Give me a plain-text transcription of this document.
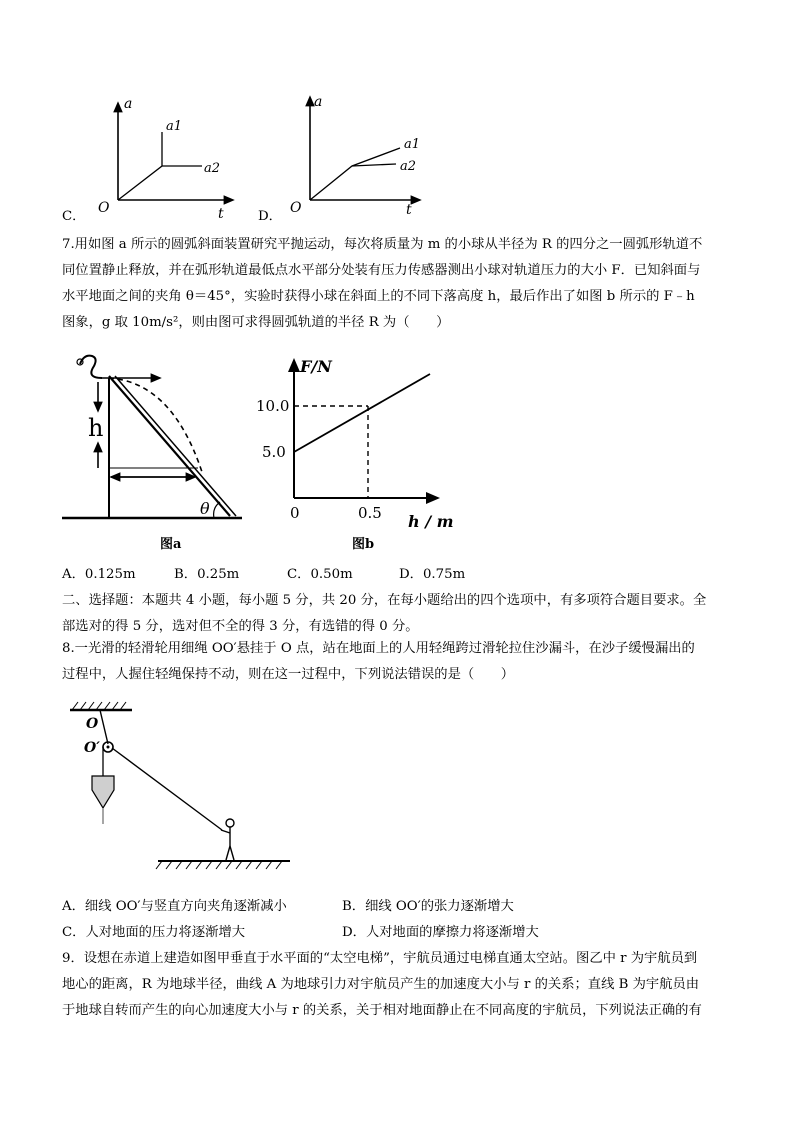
C．
a
t
O
a1
a2
D．
a
t
O
a1
a2
7.用如图 a 所示的圆弧斜面装置研究平抛运动，每次将质量为 m 的小球从半径为 R 的四分之一圆弧形轨道不
同位置静止释放，并在弧形轨道最低点水平部分处装有压力传感器测出小球对轨道压力的大小 F．已知斜面与
水平地面之间的夹角 θ＝45°，实验时获得小球在斜面上的不同下落高度 h，最后作出了如图 b 所示的 F﹣h
图象，g 取 10m/s²，则由图可求得圆弧轨道的半径 R 为（　　）
h
θ
图a
F/N
10.0
5.0
0	0.5 h / m
图b
A．0.125m	B．0.25m	C．0.50m	D．0.75m
二、选择题：本题共 4 小题，每小题 5 分，共 20 分，在每小题给出的四个选项中，有多项符合题目要求。全
部选对的得 5 分，选对但不全的得 3 分，有选错的得 0 分。
8.一光滑的轻滑轮用细绳 OO′悬挂于 O 点，站在地面上的人用轻绳跨过滑轮拉住沙漏斗，在沙子缓慢漏出的
过程中，人握住轻绳保持不动，则在这一过程中，下列说法错误的是（　　）
O
O′
A．细线 OO′与竖直方向夹角逐渐减小	B．细线 OO′的张力逐渐增大
C．人对地面的压力将逐渐增大	D．人对地面的摩擦力将逐渐增大
9．设想在赤道上建造如图甲垂直于水平面的“太空电梯”，宇航员通过电梯直通太空站。图乙中 r 为宇航员到
地心的距离，R 为地球半径，曲线 A 为地球引力对宇航员产生的加速度大小与 r 的关系；直线 B 为宇航员由
于地球自转而产生的向心加速度大小与 r 的关系，关于相对地面静止在不同高度的宇航员，下列说法正确的有
